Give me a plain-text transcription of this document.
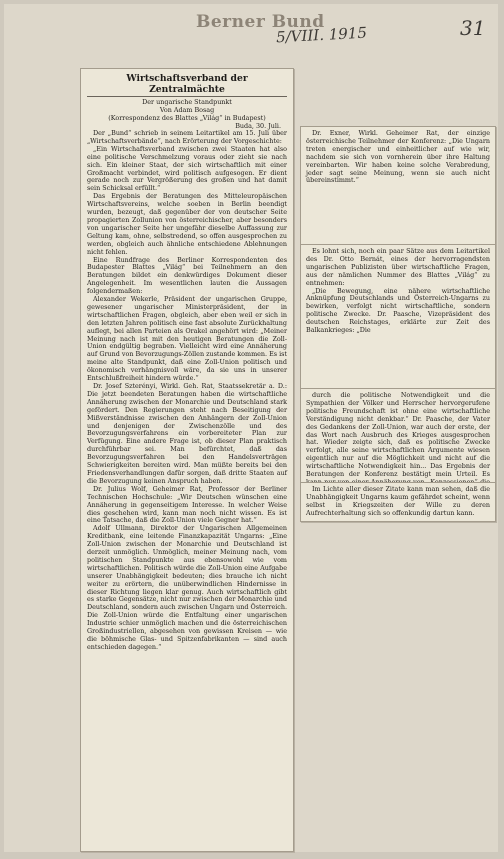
Berner Bund
5/VIII. 1915	31
Wirtschaftsverband der Zentralmächte
Der ungarische Standpunkt
Von Adam Bosag
(Korrespondenz des Blattes „Világ“ in Budapest)
Buda, 30. Juli.

Der „Bund“ schrieb in seinem Leitartikel am 15. Juli über „Wirtschaftsverbände“, nach Erörterung der Vorgeschichte:

„Ein Wirtschaftsverband zwischen zwei Staaten hat also eine politische Verschmelzung voraus oder zieht sie nach sich. Ein kleiner Staat, der sich wirtschaftlich mit einer Großmacht verbindet, wird politisch aufgesogen. Er dient gerade noch zur Vergrößerung des großen und hat damit sein Schicksal erfüllt.“

Das Ergebnis der Beratungen des Mitteleuropäischen Wirtschaftsvereins, welche soeben in Berlin beendigt wurden, bezeugt, daß gegenüber der von deutscher Seite propagierten Zollunion von österreichischer, aber besonders von ungarischer Seite her ungefähr dieselbe Auffassung zur Geltung kam, ohne, selbstredend, so offen ausgesprochen zu werden, obgleich auch ähnliche entschiedene Ablehnungen nicht fehlen.

Eine Rundfrage des Berliner Korrespondenten des Budapester Blattes „Világ“ bei Teilnehmern an den Beratungen bildet ein denkwürdiges Dokument dieser Angelegenheit. Im wesentlichen lauten die Aussagen folgendermaßen:

Alexander Wekerle, Präsident der ungarischen Gruppe, gewesener ungarischer Ministerpräsident, der in wirtschaftlichen Fragen, obgleich, aber eben weil er sich in den letzten Jahren politisch eine fast absolute Zurückhaltung auflegt, bei allen Parteien als Orakel angehört wird: „Meiner Meinung nach ist mit den heutigen Beratungen die Zoll-Union endgültig begraben. Vielleicht wird eine Annäherung auf Grund von Bevorzugungs-Zöllen zustande kommen. Es ist meine alte Standpunkt, daß eine Zoll-Union politisch und ökonomisch verhängnisvoll wäre, da sie uns in unserer Entschlußfreiheit hindern würde.“

Dr. Josef Szterényi, Wirkl. Geh. Rat, Staatssekretär a. D.: Die jetzt beendeten Beratungen haben die wirtschaftliche Annäherung zwischen der Monarchie und Deutschland stark gefördert. Den Regierungen steht nach Beseitigung der Mißverständnisse zwischen den Anhängern der Zoll-Union und denjenigen der Zwischenzölle und des Bevorzugungsverfahrens ein vorbereiteter Plan zur Verfügung. Eine andere Frage ist, ob dieser Plan praktisch durchführbar sei. Man befürchtet, daß das Bevorzugungsverfahren bei den Handelsverträgen Schwierigkeiten bereiten wird. Man müßte bereits bei den Friedensverhandlungen dafür sorgen, daß dritte Staaten auf die Bevorzugung keinen Anspruch haben.

Dr. Julius Wolf, Geheimer Rat, Professor der Berliner Technischen Hochschule: „Wir Deutschen wünschen eine Annäherung in gegenseitigem Interesse. In welcher Weise dies geschehen wird, kann man noch nicht wissen. Es ist eine Tatsache, daß die Zoll-Union viele Gegner hat.“

Adolf Ullmann, Direktor der Ungarischen Allgemeinen Kreditbank, eine leitende Finanzkapazität Ungarns: „Eine Zoll-Union zwischen der Monarchie und Deutschland ist derzeit unmöglich. Unmöglich, meiner Meinung nach, vom politischen Standpunkte aus ebensowohl wie vom wirtschaftlichen. Politisch würde die Zoll-Union eine Aufgabe unserer Unabhängigkeit bedeuten; dies brauche ich nicht weiter zu erörtern, die unüberwindlichen Hindernisse in dieser Richtung liegen klar genug. Auch wirtschaftlich gibt es starke Gegensätze, nicht nur zwischen der Monarchie und Deutschland, sondern auch zwischen Ungarn und Österreich. Die Zoll-Union würde die Entfaltung einer ungarischen Industrie schier unmöglich machen und die österreichischen Großindustriellen, abgesehen von gewissen Kreisen — wie die böhmische Glas- und Spitzenfabrikanten — sind auch entschieden dagegen.“

Dr. Exner, Wirkl. Geheimer Rat, der einzige österreichische Teilnehmer der Konferenz: „Die Ungarn treten energischer und einheitlicher auf wie wir, nachdem sie sich von vornherein über ihre Haltung vereinbarten. Wir haben keine solche Verabredung, jeder sagt seine Meinung, wenn sie auch nicht übereinstimmt.“

Es lohnt sich, noch ein paar Sätze aus dem Leitartikel des Dr. Otto Bernát, eines der hervorragendsten ungarischen Publizisten über wirtschaftliche Fragen, aus der nämlichen Nummer des Blattes „Világ“ zu entnehmen:

„Die Bewegung, eine nähere wirtschaftliche Anknüpfung Deutschlands und Österreich-Ungarns zu bewirken, verfolgt nicht wirtschaftliche, sondern politische Zwecke. Dr. Paasche, Vizepräsident des deutschen Reichstages, erklärte zur Zeit des Balkankrieges: „Die

durch die politische Notwendigkeit und die Sympathien der Völker und Herrscher hervorgerufene politische Freundschaft ist ohne eine wirtschaftliche Verständigung nicht denkbar.“ Dr. Paasche, der Vater des Gedankens der Zoll-Union, war auch der erste, der das Wort nach Ausbruch des Krieges ausgesprochen hat. Wieder zeigte sich, daß es politische Zwecke verfolgt, alle seine wirtschaftlichen Argumente wiesen eigentlich nur auf die Möglichkeit und nicht auf die wirtschaftliche Notwendigkeit hin... Das Ergebnis der Beratungen der Konferenz bestätigt mein Urteil. Es

Im Lichte aller dieser Zitate kann man sehen, daß die Unabhängigkeit Ungarns kaum gefährdet scheint, wenn selbst in Kriegszeiten der Wille zu deren Aufrechterhaltung sich so offenkundig dartun kann.
